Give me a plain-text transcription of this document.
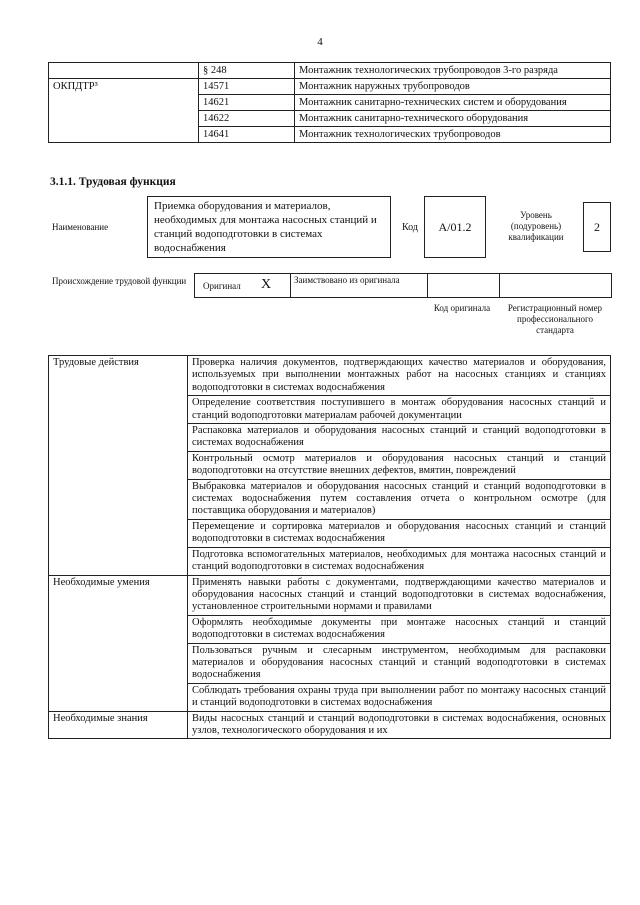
4
	§ 248	Монтажник технологических трубопроводов 3-го разряда
ОКПДТР³	14571	Монтажник наружных трубопроводов
	14621	Монтажник санитарно-технических систем и оборудования
	14622	Монтажник санитарно-технического оборудования
	14641	Монтажник технологических трубопроводов
3.1.1. Трудовая функция
Наименование
Приемка оборудования и материалов, необходимых для монтажа насосных станций и станций водоподготовки в системах водоснабжения
Код А/01.2
Уровень (подуровень) квалификации
2
Происхождение трудовой функции	Оригинал X	Заимствовано из оригинала
Код оригинала	Регистрационный номер профессионального стандарта
Трудовые действия	Проверка наличия документов, подтверждающих качество материалов и оборудования, используемых при выполнении монтажных работ на насосных станциях и станциях водоподготовки в системах водоснабжения
	Определение соответствия поступившего в монтаж оборудования насосных станций и станций водоподготовки материалам рабочей документации
	Распаковка материалов и оборудования насосных станций и станций водоподготовки в системах водоснабжения
	Контрольный осмотр материалов и оборудования насосных станций и станций водоподготовки на отсутствие внешних дефектов, вмятин, повреждений
	Выбраковка материалов и оборудования насосных станций и станций водоподготовки в системах водоснабжения путем составления отчета о контрольном осмотре (для поставщика оборудования и материалов)
	Перемещение и сортировка материалов и оборудования насосных станций и станций водоподготовки в системах водоснабжения
	Подготовка вспомогательных материалов, необходимых для монтажа насосных станций и станций водоподготовки в системах водоснабжения
Необходимые умения	Применять навыки работы с документами, подтверждающими качество материалов и оборудования насосных станций и станций водоподготовки в системах водоснабжения, установленное строительными нормами и правилами
	Оформлять необходимые документы при монтаже насосных станций и станций водоподготовки в системах водоснабжения
	Пользоваться ручным и слесарным инструментом, необходимым для распаковки материалов и оборудования насосных станций и станций водоподготовки в системах водоснабжения
	Соблюдать требования охраны труда при выполнении работ по монтажу насосных станций и станций водоподготовки в системах водоснабжения
Необходимые знания	Виды насосных станций и станций водоподготовки в системах водоснабжения, основных узлов, технологического оборудования и их
